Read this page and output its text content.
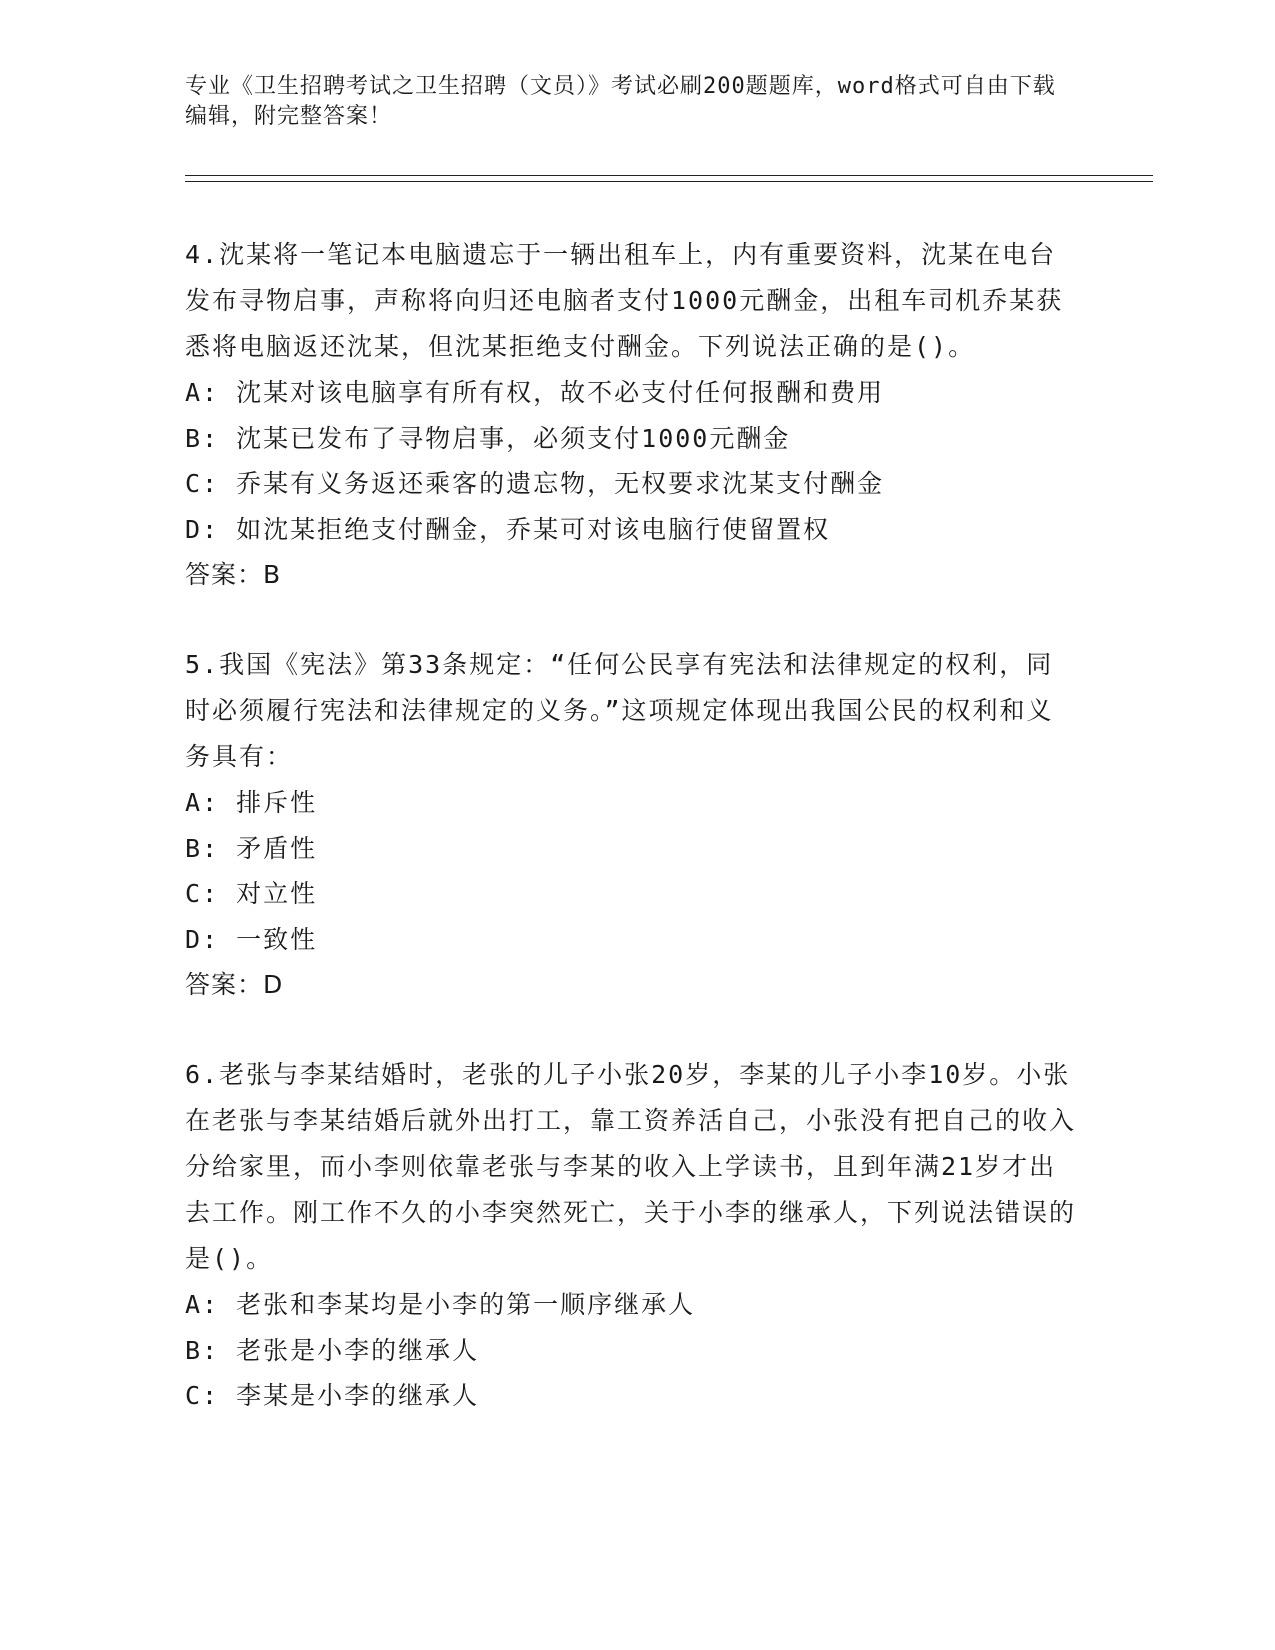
专业《卫生招聘考试之卫生招聘（文员）》考试必刷200题题库，word格式可自由下载编辑，附完整答案！

4.沈某将一笔记本电脑遗忘于一辆出租车上，内有重要资料，沈某在电台发布寻物启事，声称将向归还电脑者支付1000元酬金，出租车司机乔某获悉将电脑返还沈某，但沈某拒绝支付酬金。下列说法正确的是()。

A: 沈某对该电脑享有所有权，故不必支付任何报酬和费用

B: 沈某已发布了寻物启事，必须支付1000元酬金

C: 乔某有义务返还乘客的遗忘物，无权要求沈某支付酬金

D: 如沈某拒绝支付酬金，乔某可对该电脑行使留置权

答案：B

5.我国《宪法》第33条规定：“任何公民享有宪法和法律规定的权利，同时必须履行宪法和法律规定的义务。”这项规定体现出我国公民的权利和义务具有：

A: 排斥性

B: 矛盾性

C: 对立性

D: 一致性

答案：D

6.老张与李某结婚时，老张的儿子小张20岁，李某的儿子小李10岁。小张在老张与李某结婚后就外出打工，靠工资养活自己，小张没有把自己的收入分给家里，而小李则依靠老张与李某的收入上学读书，且到年满21岁才出去工作。刚工作不久的小李突然死亡，关于小李的继承人，下列说法错误的是()。

A: 老张和李某均是小李的第一顺序继承人

B: 老张是小李的继承人

C: 李某是小李的继承人
